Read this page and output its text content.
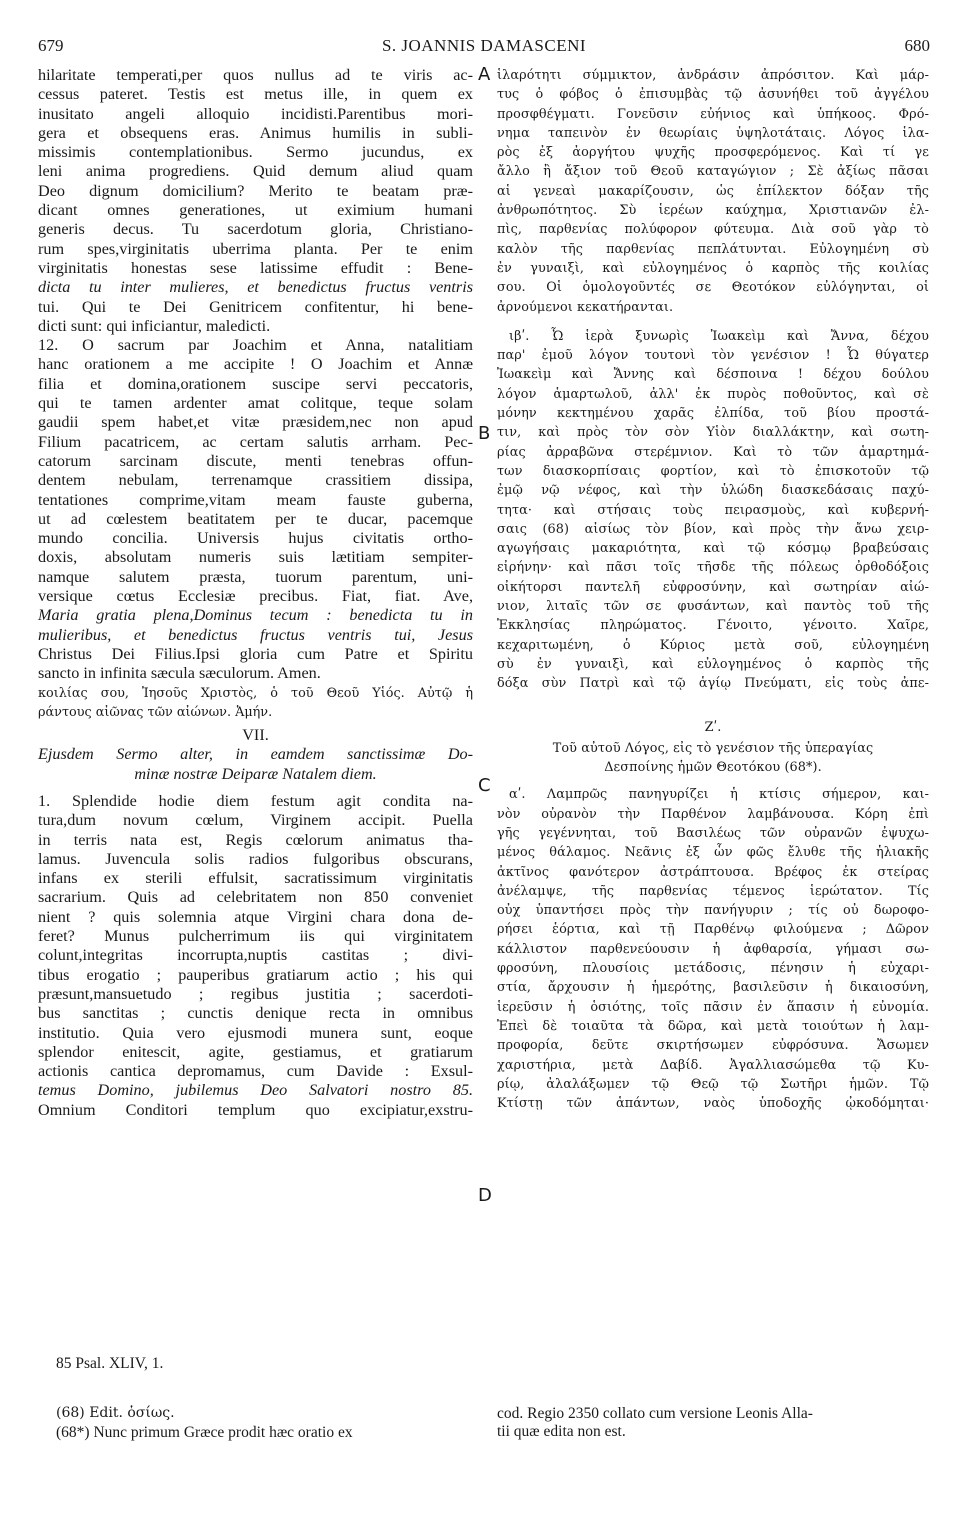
679	S. JOANNIS DAMASCENI	680
A
B
C
D

hilaritate temperati,per quos nullus ad te viris ac-

cessus pateret. Testis est metus ille, in quem ex

inusitato angeli alloquio incidisti.Parentibus mori-

gera et obsequens eras. Animus humilis in subli-

missimis contemplationibus. Sermo jucundus, ex

leni anima progrediens. Quid demum aliud quam

Deo dignum domicilium? Merito te beatam præ-

dicant omnes generationes, ut eximium humani

generis decus. Tu sacerdotum gloria, Christiano-

rum spes,virginitatis uberrima planta. Per te enim

virginitatis honestas sese latissime effudit : Bene-

dicta tu inter mulieres, et benedictus fructus ventris

tui. Qui te Dei Genitricem confitentur, hi bene-

dicti sunt: qui inficiantur, maledicti.

12. O sacrum par Joachim et Anna, natalitiam

hanc orationem a me accipite ! O Joachim et Annæ

filia et domina,orationem suscipe servi peccatoris,

qui te tamen ardenter amat colitque, teque solam

gaudii spem habet,et vitæ præsidem,nec non apud

Filium pacatricem, ac certam salutis arrham. Pec-

catorum sarcinam discute, menti tenebras offun-

dentem nebulam, terrenamque crassitiem dissipa,

tentationes comprime,vitam meam fauste guberna,

ut ad cœlestem beatitatem per te ducar, pacemque

mundo concilia. Universis hujus civitatis ortho-

doxis, absolutam numeris suis lætitiam sempiter-

namque salutem præsta, tuorum parentum, uni-

versique cœtus Ecclesiæ precibus. Fiat, fiat. Ave,

Maria gratia plena,Dominus tecum : benedicta tu in

mulieribus, et benedictus fructus ventris tui, Jesus

Christus Dei Filius.Ipsi gloria cum Patre et Spiritu

sancto in infinita sæcula sæculorum. Amen.

κοιλίας σου, Ἰησοῦς Χριστὸς, ὁ τοῦ Θεοῦ Υἱός. Αὐτῷ ἡ

ράντους αἰῶνας τῶν αἰώνων. Ἀμήν.

VII.

Ejusdem Sermo alter, in eamdem sanctissimæ Do-

minæ nostræ Deiparæ Natalem diem.

1. Splendide hodie diem festum agit condita na-

tura,dum novum cœlum, Virginem accipit. Puella

in terris nata est, Regis cœlorum animatus tha-

lamus. Juvencula solis radios fulgoribus obscurans,

infans ex sterili effulsit, sacratissimum virginitatis

sacrarium. Quis ad celebritatem non 850 conveniet

nient ? quis solemnia atque Virgini chara dona de-

feret? Munus pulcherrimum iis qui virginitatem

colunt,integritas incorrupta,nuptis castitas ; divi-

tibus erogatio ; pauperibus gratiarum actio ; his qui

præsunt,mansuetudo ; regibus justitia ; sacerdoti-

bus sanctitas ; cunctis denique recta in omnibus

institutio. Quia vero ejusmodi munera sunt, eoque

splendor enitescit, agite, gestiamus, et gratiarum

actionis cantica depromamus, cum Davide : Exsul-

temus Domino, jubilemus Deo Salvatori nostro 85.

Omnium Conditori templum quo excipiatur,exstru-

ἱλαρότητι σύμμικτον, ἀνδράσιν ἀπρόσιτον. Καὶ μάρ-

τυς ὁ φόβος ὁ ἐπισυμβὰς τῷ ἀσυνήθει τοῦ ἀγγέλου

προσφθέγματι. Γονεῦσιν εὐήνιος καὶ ὑπήκοος. Φρό-

νημα ταπεινὸν ἐν θεωρίαις ὑψηλοτάταις. Λόγος ἱλα-

ρὸς ἐξ ἀοργήτου ψυχῆς προσφερόμενος. Καὶ τί γε

ἄλλο ἢ ἄξιον τοῦ Θεοῦ καταγώγιον ; Σὲ ἀξίως πᾶσαι

αἱ γενεαὶ μακαρίζουσιν, ὡς ἐπίλεκτον δόξαν τῆς

ἀνθρωπότητος. Σὺ ἱερέων καύχημα, Χριστιανῶν ἐλ-

πὶς, παρθενίας πολύφορον φύτευμα. Διὰ σοῦ γὰρ τὸ

καλὸν τῆς παρθενίας πεπλάτυνται. Εὐλογημένη σὺ

ἐν γυναιξὶ, καὶ εὐλογημένος ὁ καρπὸς τῆς κοιλίας

σου. Οἱ ὁμολογοῦντές σε Θεοτόκον εὐλόγηνται, οἱ

ἀρνούμενοι κεκατήρανται.

ιβʹ. Ὦ ἱερὰ ξυνωρὶς Ἰωακεὶμ καὶ Ἄννα, δέχου

παρ' ἐμοῦ λόγον τουτονὶ τὸν γενέσιον ! Ὦ θύγατερ

Ἰωακεὶμ καὶ Ἄννης καὶ δέσποινα ! δέχου δούλου

λόγον ἁμαρτωλοῦ, ἀλλ' ἐκ πυρὸς ποθοῦντος, καὶ σὲ

μόνην κεκτημένου χαρᾶς ἐλπίδα, τοῦ βίου προστά-

τιν, καὶ πρὸς τὸν σὸν Υἱὸν διαλλάκτην, καὶ σωτη-

ρίας ἀρραβῶνα στερέμνιον. Καὶ τὸ τῶν ἁμαρτημά-

των διασκορπίσαις φορτίον, καὶ τὸ ἐπισκοτοῦν τῷ

ἐμῷ νῷ νέφος, καὶ τὴν ὑλώδη διασκεδάσαις παχύ-

τητα· καὶ στήσαις τοὺς πειρασμοὺς, καὶ κυβερνή-

σαις (68) αἰσίως τὸν βίον, καὶ πρὸς τὴν ἄνω χειρ-

αγωγήσαις μακαριότητα, καὶ τῷ κόσμῳ βραβεύσαις

εἰρήνην· καὶ πᾶσι τοῖς τῆσδε τῆς πόλεως ὀρθοδόξοις

οἰκήτορσι παντελῆ εὐφροσύνην, καὶ σωτηρίαν αἰώ-

νιον, λιταῖς τῶν σε φυσάντων, καὶ παντὸς τοῦ τῆς

Ἐκκλησίας πληρώματος. Γένοιτο, γένοιτο. Χαῖρε,

κεχαριτωμένη, ὁ Κύριος μετὰ σοῦ, εὐλογημένη

σὺ ἐν γυναιξὶ, καὶ εὐλογημένος ὁ καρπὸς τῆς

δόξα σὺν Πατρὶ καὶ τῷ ἁγίῳ Πνεύματι, εἰς τοὺς ἀπε-

Ζʹ.

Τοῦ αὐτοῦ Λόγος, εἰς τὸ γενέσιον τῆς ὑπεραγίας

Δεσποίνης ἡμῶν Θεοτόκου (68*).

αʹ. Λαμπρῶς πανηγυρίζει ἡ κτίσις σήμερον, και-

νὸν οὐρανὸν τὴν Παρθένον λαμβάνουσα. Κόρη ἐπὶ

γῆς γεγέννηται, τοῦ Βασιλέως τῶν οὐρανῶν ἐψυχω-

μένος θάλαμος. Νεᾶνις ἐξ ὧν φῶς ἔλυθε τῆς ἡλιακῆς

ἀκτῖνος φανότερον ἀστράπτουσα. Βρέφος ἐκ στείρας

ἀνέλαμψε, τῆς παρθενίας τέμενος ἱερώτατον. Τίς

οὐχ ὑπαντήσει πρὸς τὴν πανήγυριν ; τίς οὐ δωροφο-

ρήσει ἑόρτια, καὶ τῇ Παρθένῳ φιλούμενα ; Δῶρον

κάλλιστον παρθενεύουσιν ἡ ἀφθαρσία, γήμασι σω-

φροσύνη, πλουσίοις μετάδοσις, πένησιν ἡ εὐχαρι-

στία, ἄρχουσιν ἡ ἡμερότης, βασιλεῦσιν ἡ δικαιοσύνη,

ἱερεῦσιν ἡ ὁσιότης, τοῖς πᾶσιν ἐν ἅπασιν ἡ εὐνομία.

Ἐπεὶ δὲ τοιαῦτα τὰ δῶρα, καὶ μετὰ τοιούτων ἡ λαμ-

προφορία, δεῦτε σκιρτήσωμεν εὐφρόσυνα. Ἄσωμεν

χαριστήρια, μετὰ Δαβίδ. Ἀγαλλιασώμεθα τῷ Κυ-

ρίῳ, ἀλαλάξωμεν τῷ Θεῷ τῷ Σωτῆρι ἡμῶν. Τῷ

Κτίστῃ τῶν ἁπάντων, ναὸς ὑποδοχῆς ᾠκοδόμηται·

85 Psal. XLIV, 1.
(68) Edit. ὁσίως.
(68*) Nunc primum Græce prodit hæc oratio ex
cod. Regio 2350 collato cum versione Leonis Alla-
tii quæ edita non est.
